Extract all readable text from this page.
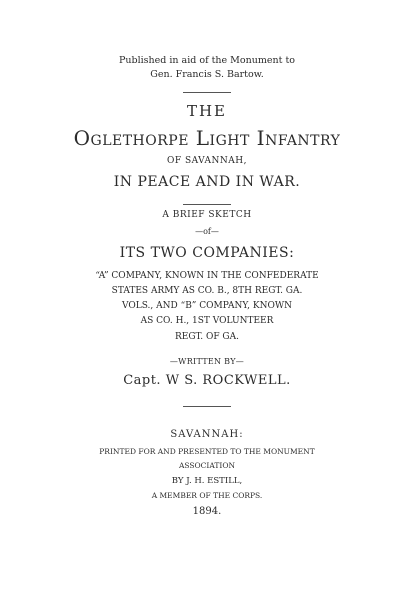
Published in aid of the Monument to
Gen. Francis S. Bartow.
THE
Oglethorpe Light Infantry
OF SAVANNAH,
IN PEACE AND IN WAR.
A BRIEF SKETCH
—of—
ITS TWO COMPANIES:
“A” COMPANY, KNOWN IN THE CONFEDERATE
STATES ARMY AS CO. B., 8TH REGT. GA.
VOLS., AND “B” COMPANY, KNOWN
AS CO. H., 1ST VOLUNTEER
REGT. OF GA.
—WRITTEN BY—
Capt. W S. ROCKWELL.
SAVANNAH:
PRINTED FOR AND PRESENTED TO THE MONUMENT
ASSOCIATION
BY J. H. ESTILL,
A MEMBER OF THE CORPS.
1894.
